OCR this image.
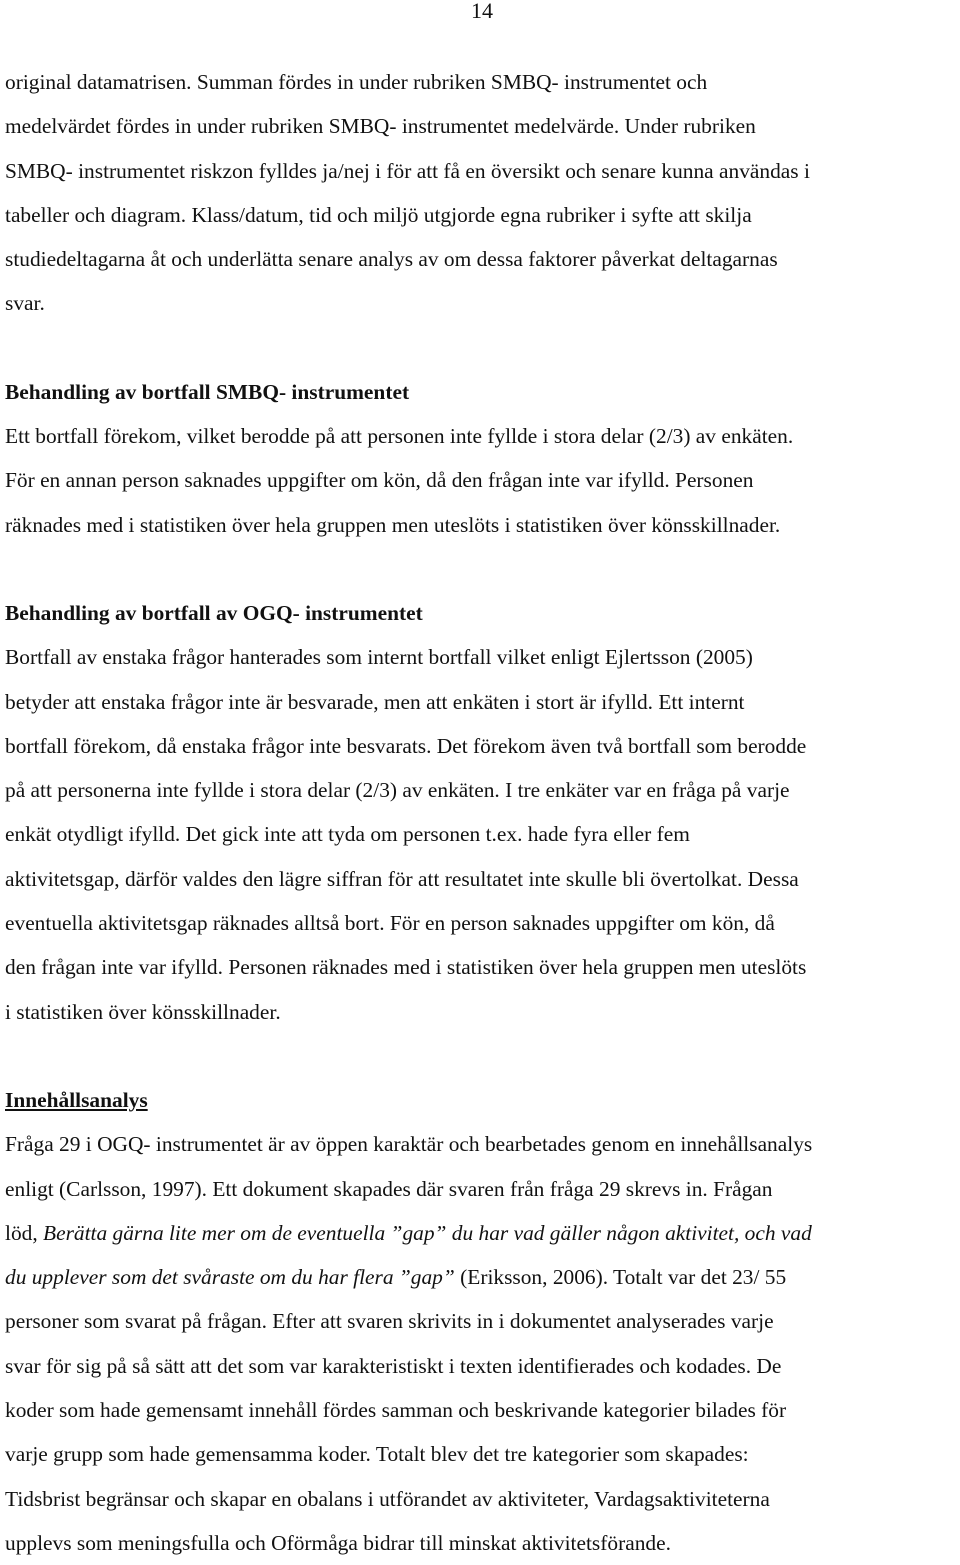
14

original datamatrisen. Summan fördes in under rubriken SMBQ- instrumentet och
medelvärdet fördes in under rubriken SMBQ- instrumentet medelvärde. Under rubriken
SMBQ- instrumentet riskzon fylldes ja/nej i för att få en översikt och senare kunna användas i
tabeller och diagram. Klass/datum, tid och miljö utgjorde egna rubriker i syfte att skilja
studiedeltagarna åt och underlätta senare analys av om dessa faktorer påverkat deltagarnas
svar.

Behandling av bortfall SMBQ- instrumentet

Ett bortfall förekom, vilket berodde på att personen inte fyllde i stora delar (2/3) av enkäten.
För en annan person saknades uppgifter om kön, då den frågan inte var ifylld. Personen
räknades med i statistiken över hela gruppen men uteslöts i statistiken över könsskillnader.

Behandling av bortfall av OGQ- instrumentet

Bortfall av enstaka frågor hanterades som internt bortfall vilket enligt Ejlertsson (2005)
betyder att enstaka frågor inte är besvarade, men att enkäten i stort är ifylld. Ett internt
bortfall förekom, då enstaka frågor inte besvarats. Det förekom även två bortfall som berodde
på att personerna inte fyllde i stora delar (2/3) av enkäten. I tre enkäter var en fråga på varje
enkät otydligt ifylld. Det gick inte att tyda om personen t.ex. hade fyra eller fem
aktivitetsgap, därför valdes den lägre siffran för att resultatet inte skulle bli övertolkat. Dessa
eventuella aktivitetsgap räknades alltså bort. För en person saknades uppgifter om kön, då
den frågan inte var ifylld. Personen räknades med i statistiken över hela gruppen men uteslöts
i statistiken över könsskillnader.

Innehållsanalys

Fråga 29 i OGQ- instrumentet är av öppen karaktär och bearbetades genom en innehållsanalys
enligt (Carlsson, 1997). Ett dokument skapades där svaren från fråga 29 skrevs in. Frågan
löd, Berätta gärna lite mer om de eventuella ”gap” du har vad gäller någon aktivitet, och vad
du upplever som det svåraste om du har flera ”gap” (Eriksson, 2006). Totalt var det 23/ 55
personer som svarat på frågan. Efter att svaren skrivits in i dokumentet analyserades varje
svar för sig på så sätt att det som var karakteristiskt i texten identifierades och kodades. De
koder som hade gemensamt innehåll fördes samman och beskrivande kategorier bilades för
varje grupp som hade gemensamma koder. Totalt blev det tre kategorier som skapades:
Tidsbrist begränsar och skapar en obalans i utförandet av aktiviteter, Vardagsaktiviteterna
upplevs som meningsfulla och Oförmåga bidrar till minskat aktivitetsförande.
